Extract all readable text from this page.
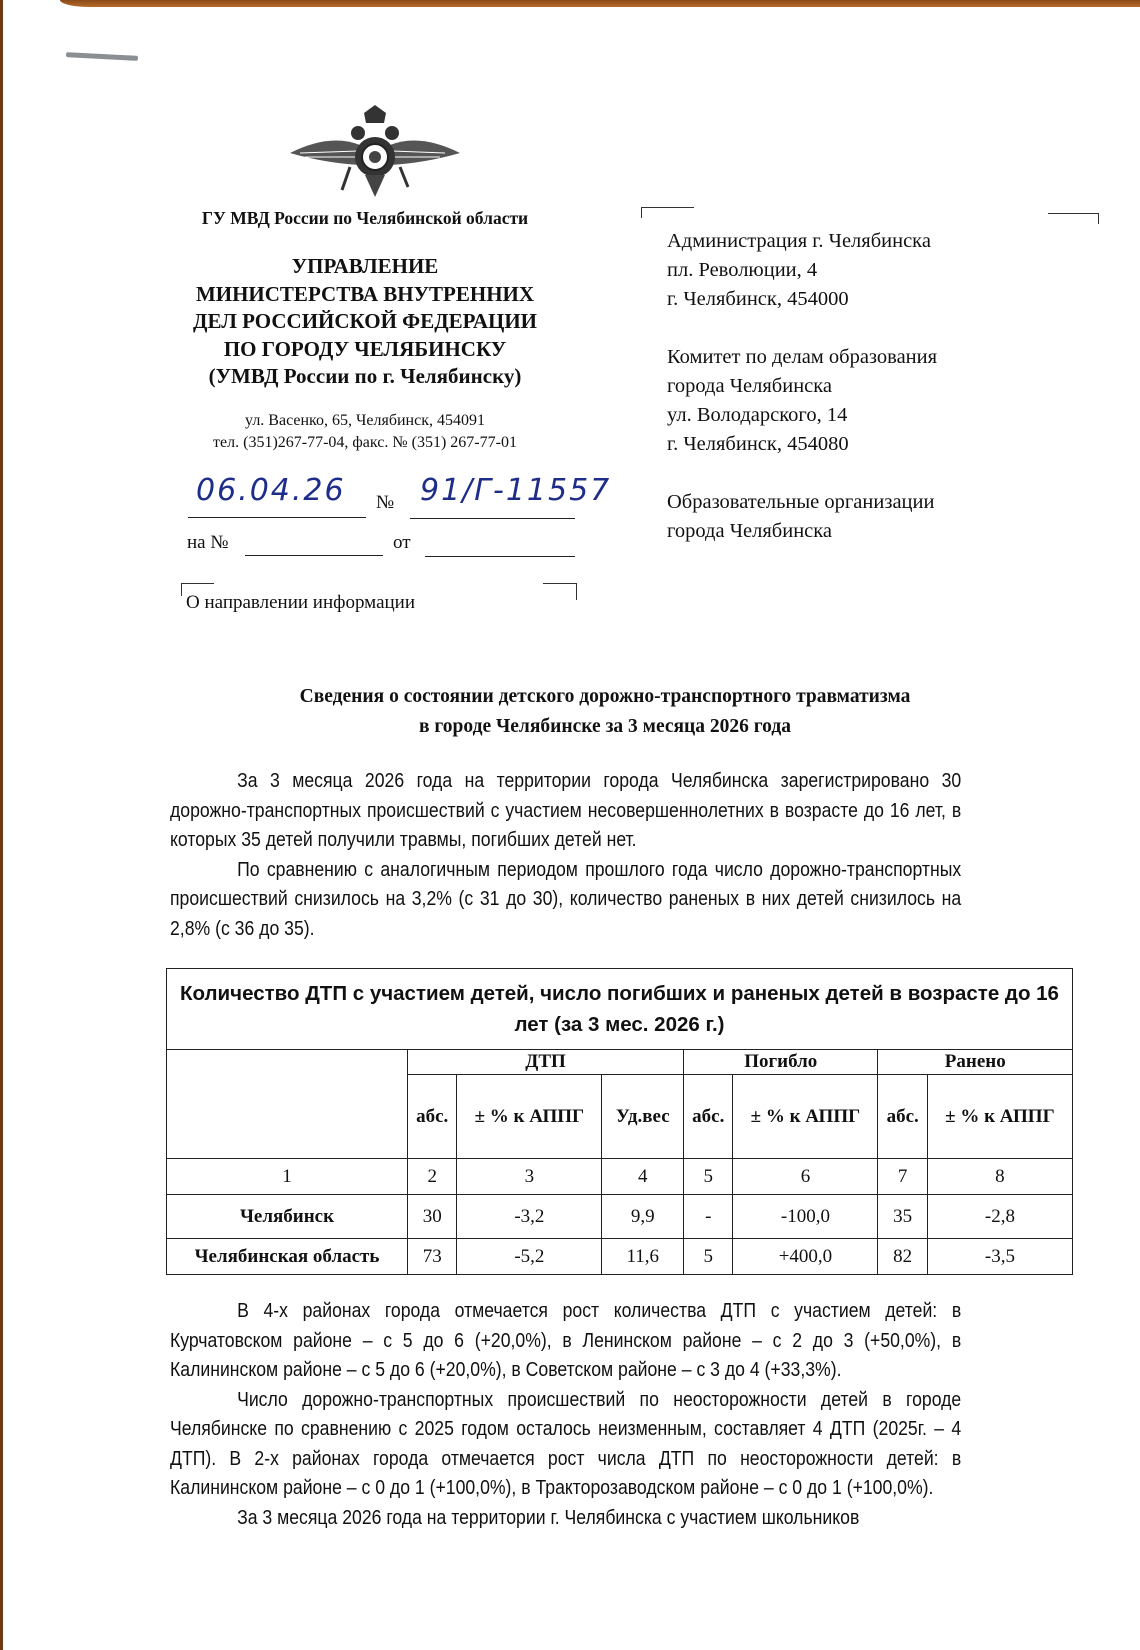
ГУ МВД России по Челябинской области
УПРАВЛЕНИЕ
МИНИСТЕРСТВА ВНУТРЕННИХ
ДЕЛ РОССИЙСКОЙ ФЕДЕРАЦИИ
ПО ГОРОДУ ЧЕЛЯБИНСКУ
(УМВД России по г. Челябинску)
ул. Васенко, 65, Челябинск, 454091
тел. (351)267-77-04, факс. № (351) 267-77-01
06.04.26 № 91/Г-11557
на №	от
О направлении информации

Администрация г. Челябинска
пл. Революции, 4
г. Челябинск, 454000

Комитет по делам образования
города Челябинска
ул. Володарского, 14
г. Челябинск, 454080

Образовательные организации
города Челябинска

Сведения о состоянии детского дорожно-транспортного травматизма
в городе Челябинске за 3 месяца 2026 года

За 3 месяца 2026 года на территории города Челябинска зарегистрировано 30 дорожно-транспортных происшествий с участием несовершеннолетних в возрасте до 16 лет, в которых 35 детей получили травмы, погибших детей нет.

По сравнению с аналогичным периодом прошлого года число дорожно-транспортных происшествий снизилось на 3,2% (с 31 до 30), количество раненых в них детей снизилось на 2,8% (с 36 до 35).

Количество ДТП с участием детей, число погибших и раненых детей в возрасте до 16 лет (за 3 мес. 2026 г.)							
	ДТП			Погибло		Ранено	
	абс.	± % к АППГ	Уд.вес	абс.	± % к АППГ	абс.	± % к АППГ
1	2	3	4	5	6	7	8
Челябинск	30	-3,2	9,9	-	-100,0	35	-2,8
Челябинская область	73	-5,2	11,6	5	+400,0	82	-3,5

В 4-х районах города отмечается рост количества ДТП с участием детей: в Курчатовском районе – с 5 до 6 (+20,0%), в Ленинском районе – с 2 до 3 (+50,0%), в Калининском районе – с 5 до 6 (+20,0%), в Советском районе – с 3 до 4 (+33,3%).

Число дорожно-транспортных происшествий по неосторожности детей в городе Челябинске по сравнению с 2025 годом осталось неизменным, составляет 4 ДТП (2025г. – 4 ДТП). В 2-х районах города отмечается рост числа ДТП по неосторожности детей: в Калининском районе – с 0 до 1 (+100,0%), в Тракторозаводском районе – с 0 до 1 (+100,0%).

За 3 месяца 2026 года на территории г. Челябинска с участием школьников
